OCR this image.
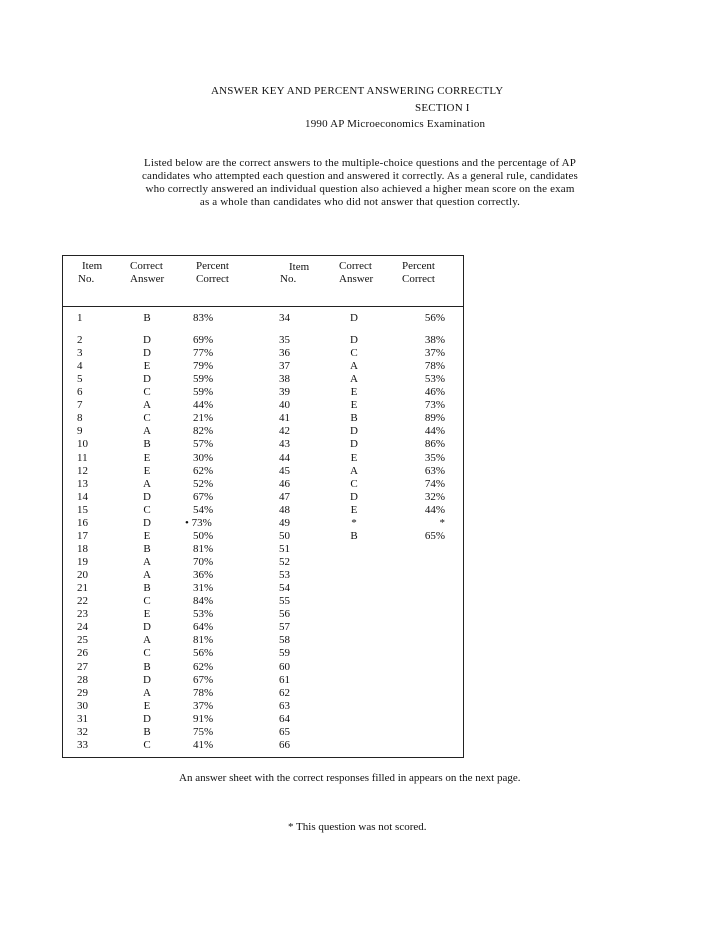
ANSWER KEY AND PERCENT ANSWERING CORRECTLY
SECTION I
1990 AP Microeconomics Examination
Listed below are the correct answers to the multiple-choice questions and the percentage of AP candidates who attempted each question and answered it correctly. As a general rule, candidates who correctly answered an individual question also achieved a higher mean score on the exam as a whole than candidates who did not answer that question correctly.
Item
No.
Correct
Answer
Percent
Correct
Item
No.
Correct
Answer
Percent
Correct
1	B	83%
2	D	69%
3	D	77%
4	E	79%
5	D	59%
6	C	59%
7	A	44%
8	C	21%
9	A	82%
10	B	57%
11	E	30%
12	E	62%
13	A	52%
14	D	67%
15	C	54%
16	D	• 73%
17	E	50%
18	B	81%
19	A	70%
20	A	36%
21	B	31%
22	C	84%
23	E	53%
24	D	64%
25	A	81%
26	C	56%
27	B	62%
28	D	67%
29	A	78%
30	E	37%
31	D	91%
32	B	75%
33	C	41%
34	D	56%
35	D	38%
36	C	37%
37	A	78%
38	A	53%
39	E	46%
40	E	73%
41	B	89%
42	D	44%
43	D	86%
44	E	35%
45	A	63%
46	C	74%
47	D	32%
48	E	44%
49	*	*
50	B	65%
51
52
53
54
55
56
57
58
59
60
61
62
63
64
65
66
An answer sheet with the correct responses filled in appears on the next page.
* This question was not scored.
